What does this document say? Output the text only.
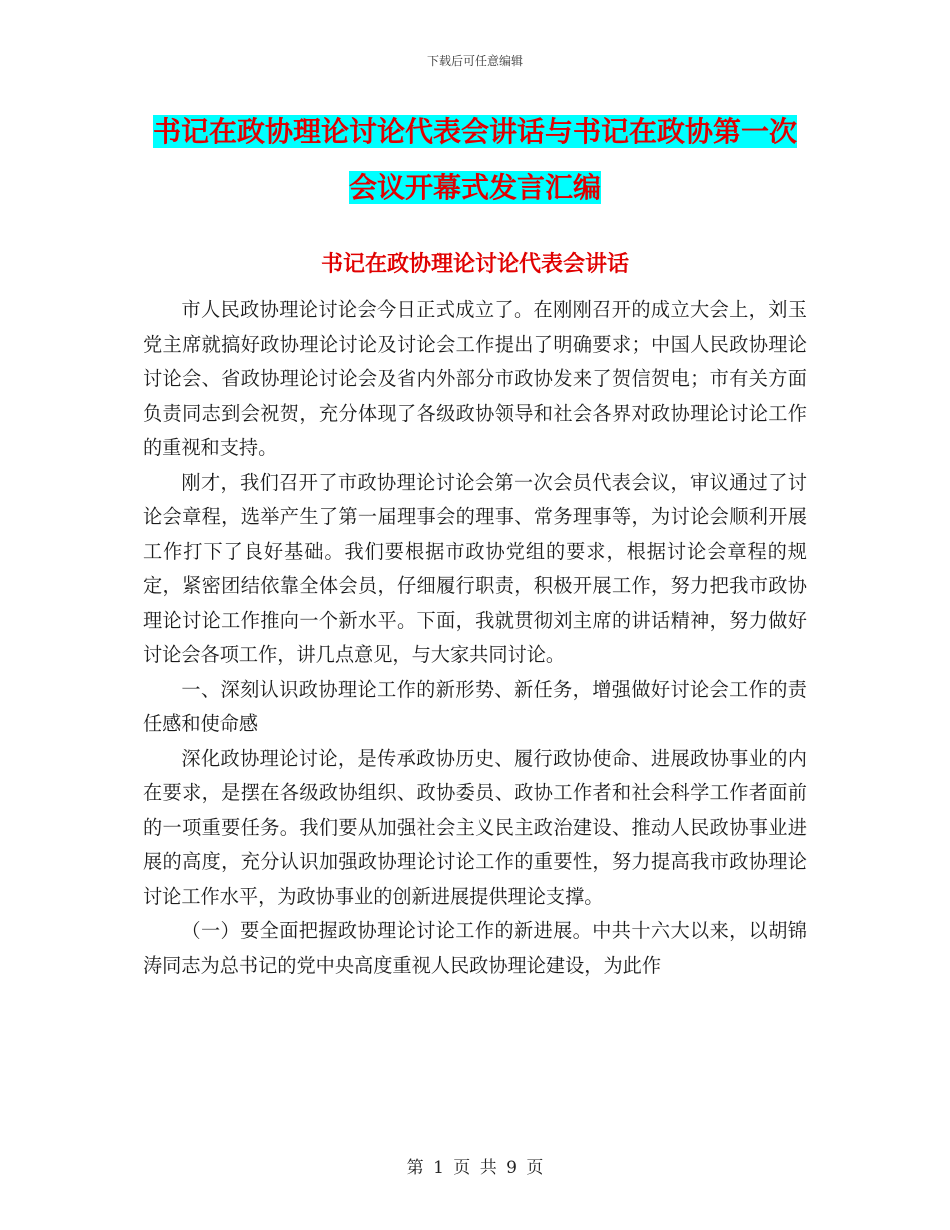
下载后可任意编辑
书记在政协理论讨论代表会讲话与书记在政协第一次
会议开幕式发言汇编
书记在政协理论讨论代表会讲话

市人民政协理论讨论会今日正式成立了。在刚刚召开的成立大会上，刘玉党主席就搞好政协理论讨论及讨论会工作提出了明确要求；中国人民政协理论讨论会、省政协理论讨论会及省内外部分市政协发来了贺信贺电；市有关方面负责同志到会祝贺，充分体现了各级政协领导和社会各界对政协理论讨论工作的重视和支持。

刚才，我们召开了市政协理论讨论会第一次会员代表会议，审议通过了讨论会章程，选举产生了第一届理事会的理事、常务理事等，为讨论会顺利开展工作打下了良好基础。我们要根据市政协党组的要求，根据讨论会章程的规定，紧密团结依靠全体会员，仔细履行职责，积极开展工作，努力把我市政协理论讨论工作推向一个新水平。下面，我就贯彻刘主席的讲话精神，努力做好讨论会各项工作，讲几点意见，与大家共同讨论。

一、深刻认识政协理论工作的新形势、新任务，增强做好讨论会工作的责任感和使命感

深化政协理论讨论，是传承政协历史、履行政协使命、进展政协事业的内在要求，是摆在各级政协组织、政协委员、政协工作者和社会科学工作者面前的一项重要任务。我们要从加强社会主义民主政治建设、推动人民政协事业进展的高度，充分认识加强政协理论讨论工作的重要性，努力提高我市政协理论讨论工作水平，为政协事业的创新进展提供理论支撑。

（一）要全面把握政协理论讨论工作的新进展。中共十六大以来，以胡锦涛同志为总书记的党中央高度重视人民政协理论建设，为此作

第 1 页 共 9 页
